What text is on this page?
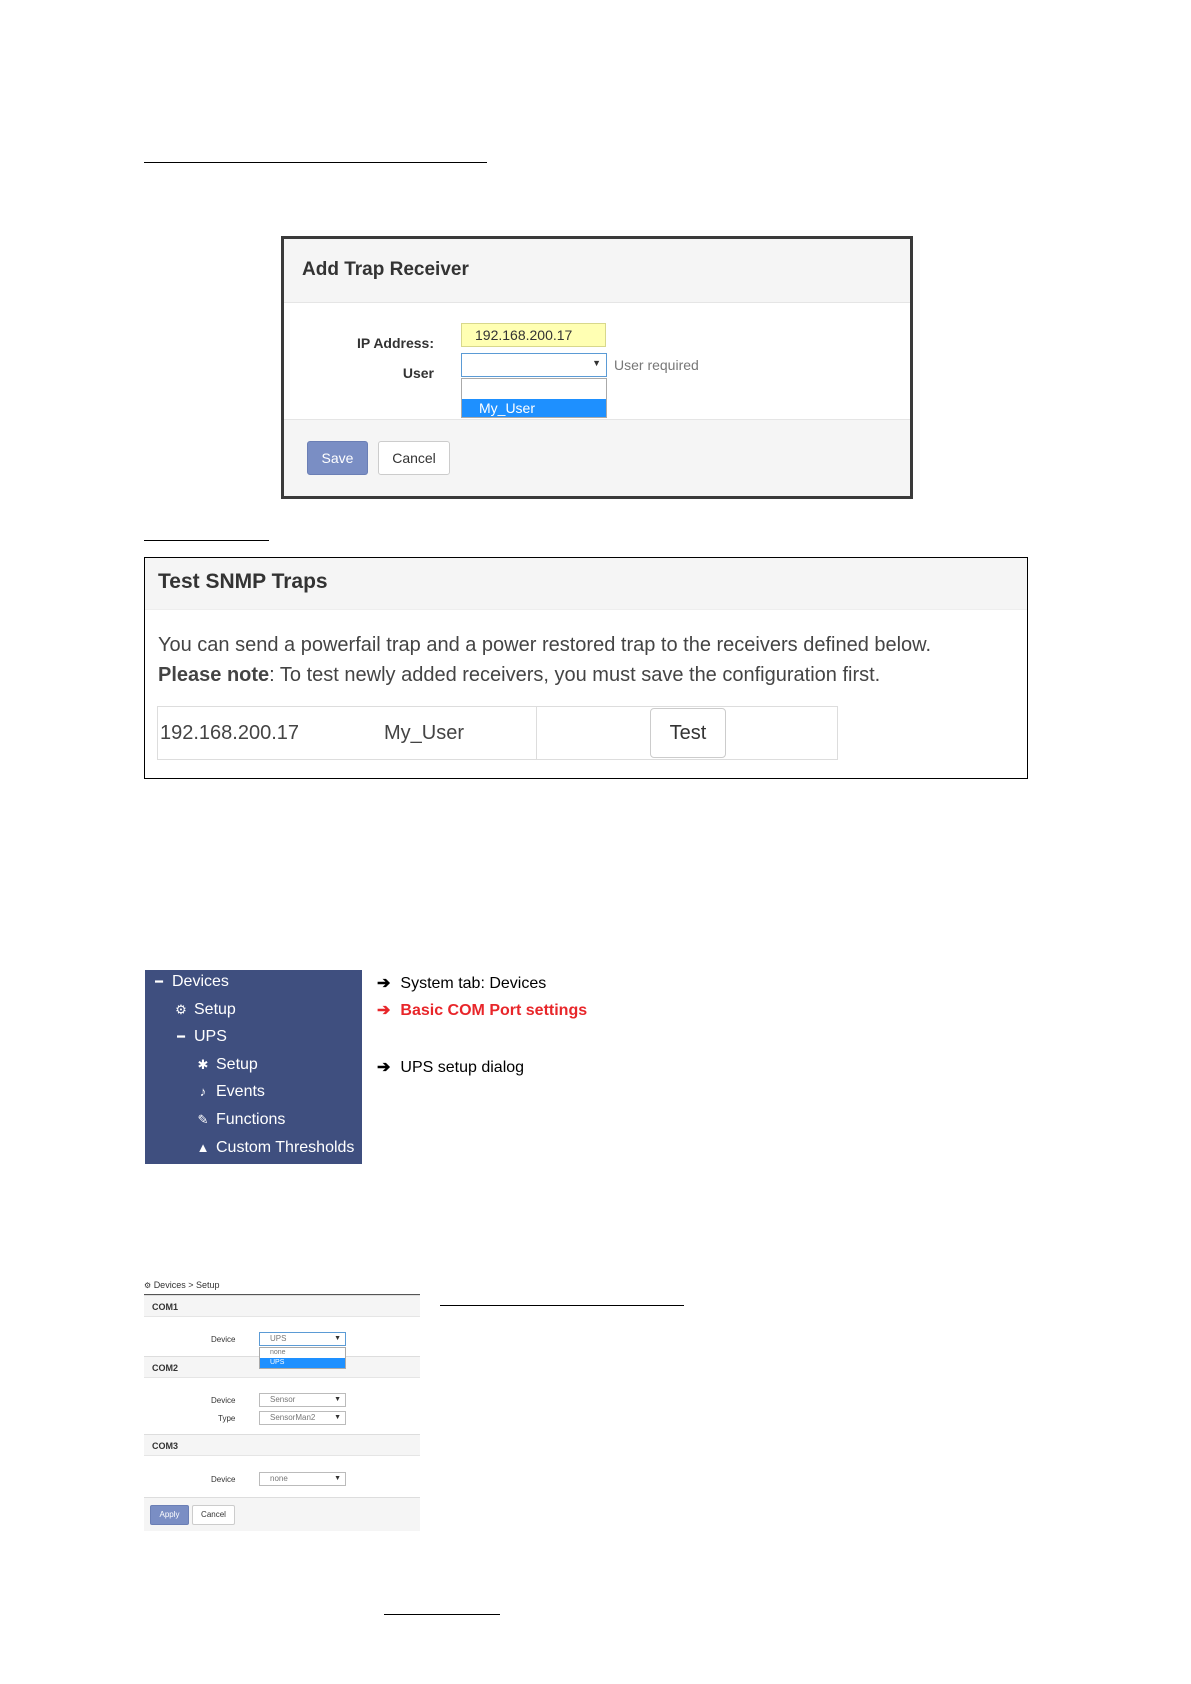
Add Trap Receiver
IP Address:	192.168.200.17
User
▼ User required
My_User
Save	Cancel
Test SNMP Traps
You can send a powerfail trap and a power restored trap to the receivers defined below.
Please note: To test newly added receivers, you must save the configuration first.
192.168.200.17	My_User	Test
━ Devices
⚙ Setup
━ UPS
✱ Setup
♪ Events
✎ Functions
▲ Custom Thresholds
➔ System tab: Devices
➔ Basic COM Port settings
➔ UPS setup dialog
⚙ Devices > Setup
COM1
Device	UPS	▼
COM2
none
UPS
Device	Sensor	▼
Type	SensorMan2	▼
COM3
Device	none	▼
Apply	Cancel
